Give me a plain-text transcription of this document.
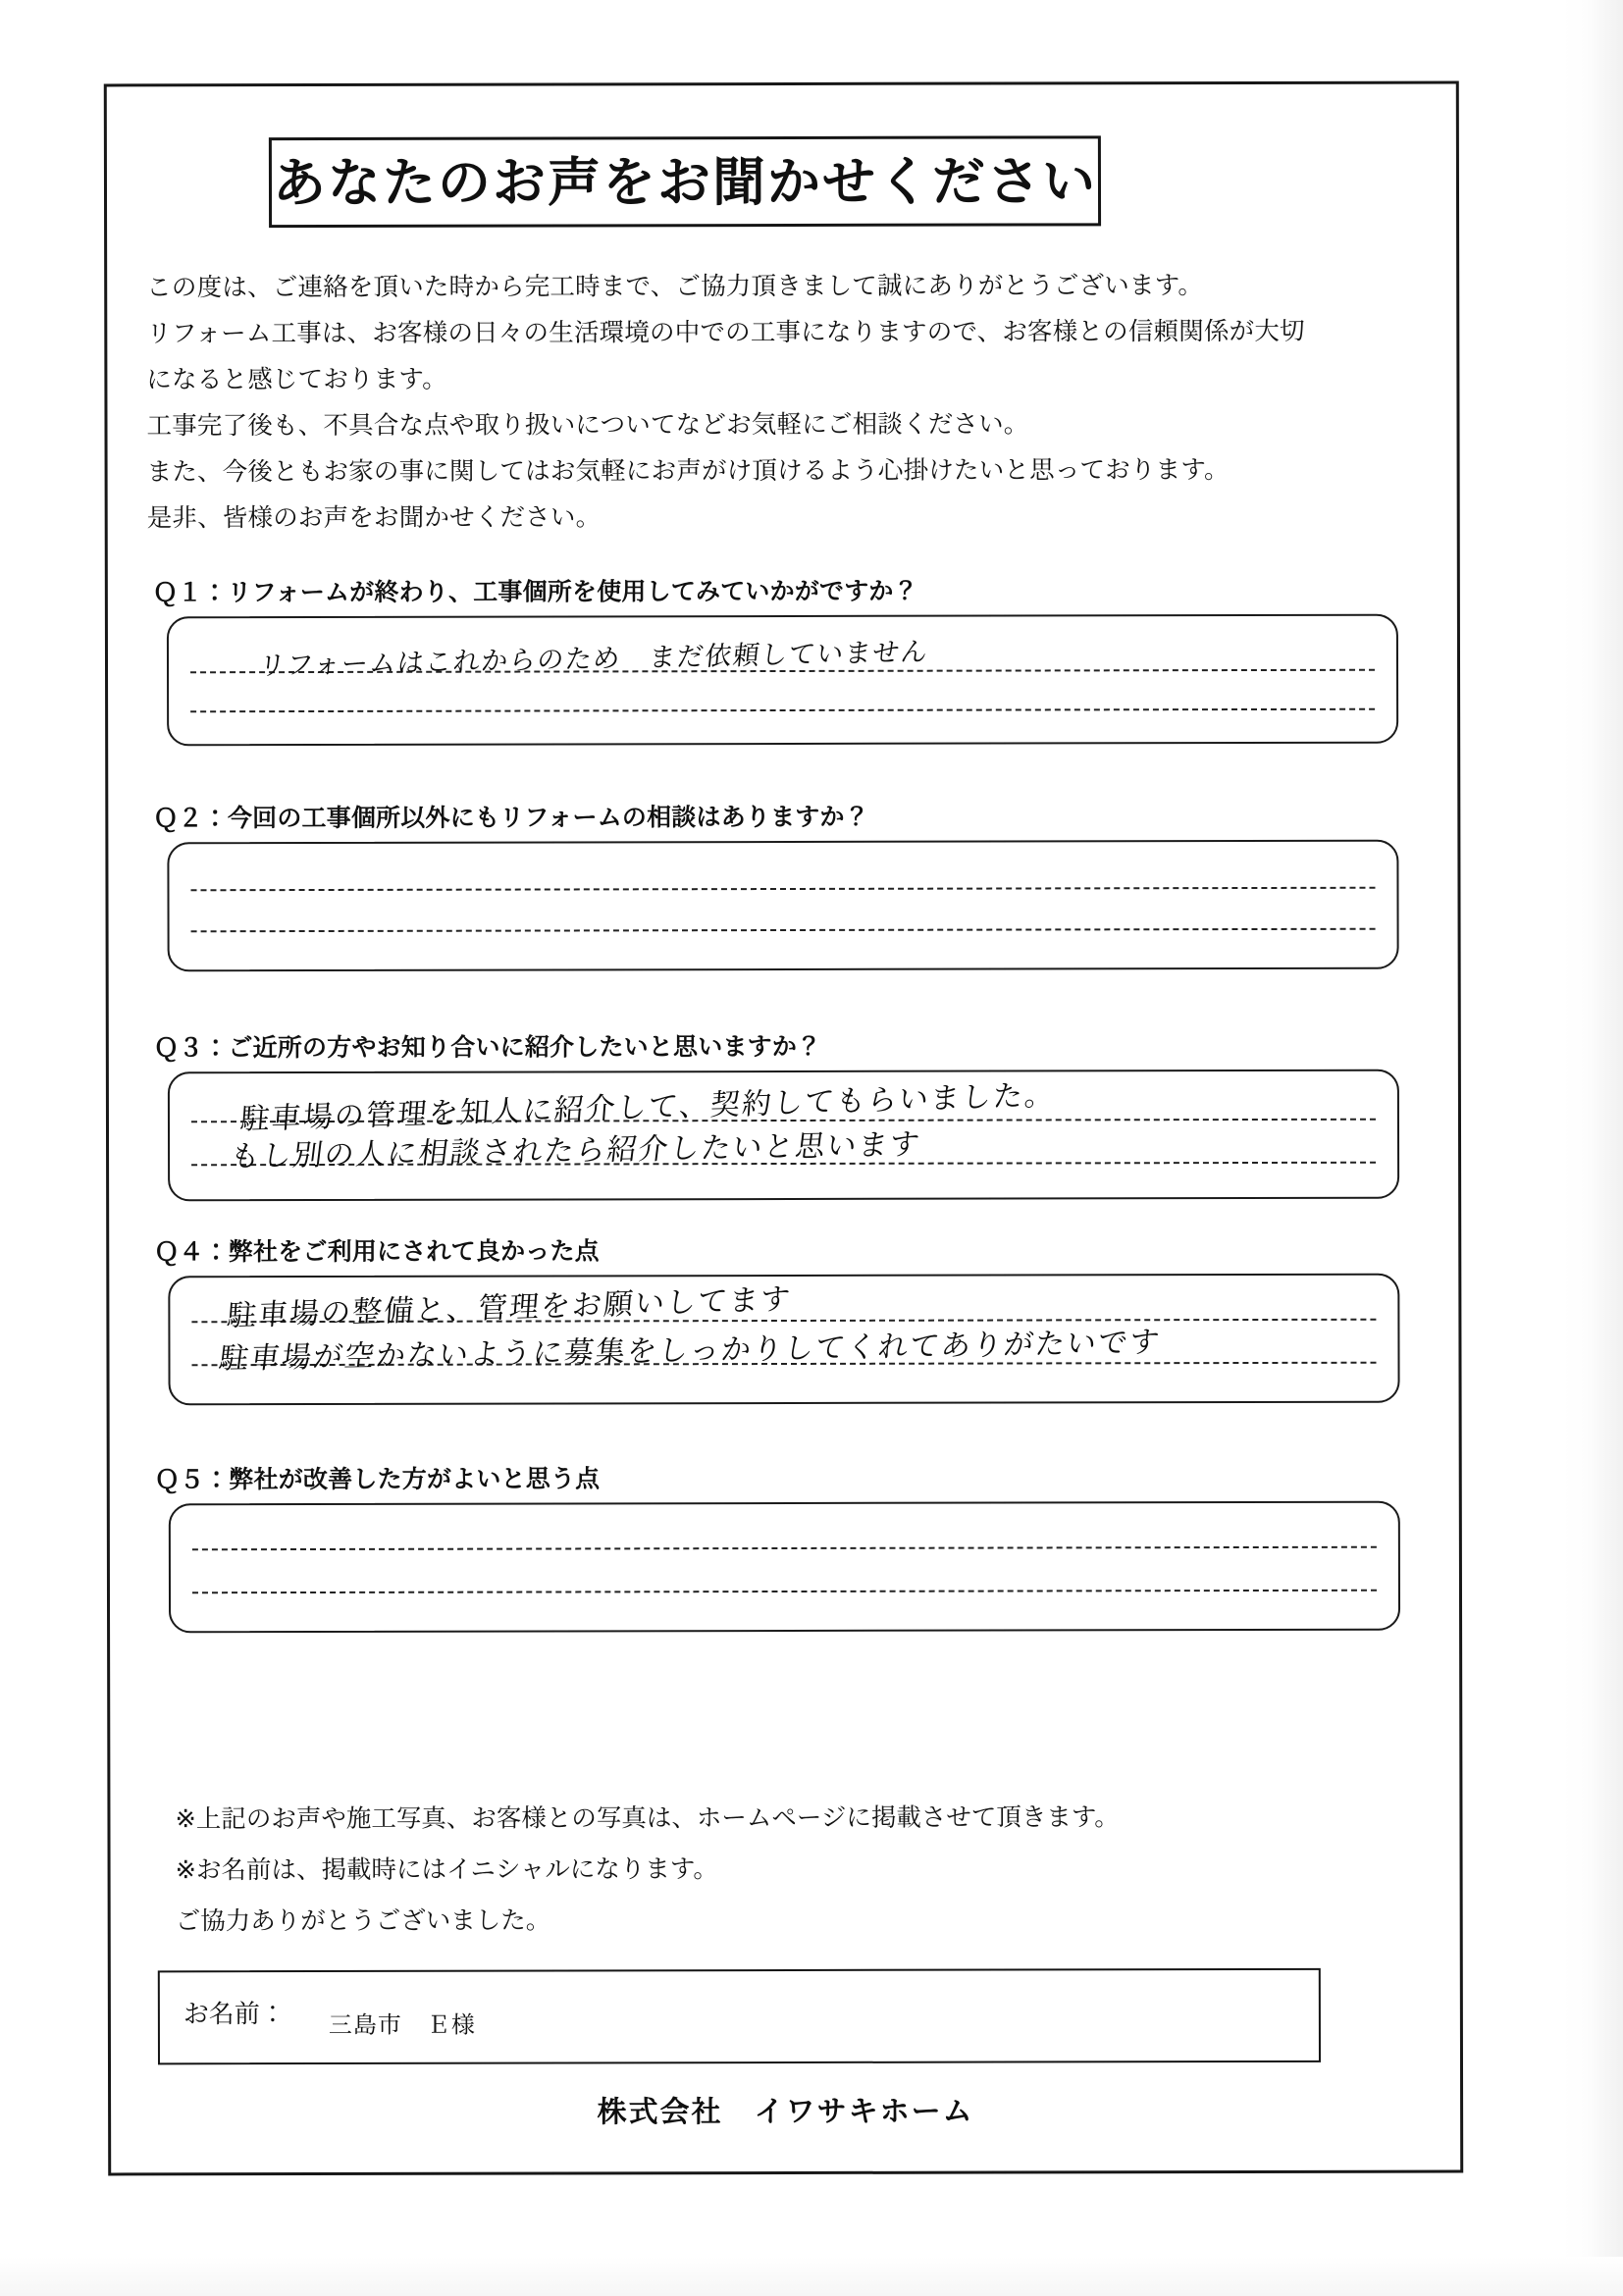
あなたのお声をお聞かせください
この度は、ご連絡を頂いた時から完工時まで、ご協力頂きまして誠にありがとうございます。
リフォーム工事は、お客様の日々の生活環境の中での工事になりますので、お客様との信頼関係が大切
になると感じております。
工事完了後も、不具合な点や取り扱いについてなどお気軽にご相談ください。
また、今後ともお家の事に関してはお気軽にお声がけ頂けるよう心掛けたいと思っております。
是非、皆様のお声をお聞かせください。
Ｑ１：リフォームが終わり、工事個所を使用してみていかがですか？
リフォームはこれからのため　まだ依頼していません
Ｑ２：今回の工事個所以外にもリフォームの相談はありますか？
Ｑ３：ご近所の方やお知り合いに紹介したいと思いますか？
駐車場の管理を知人に紹介して、契約してもらいました。
もし別の人に相談されたら紹介したいと思います
Ｑ４：弊社をご利用にされて良かった点
駐車場の整備と、管理をお願いしてます
駐車場が空かないように募集をしっかりしてくれてありがたいです
Ｑ５：弊社が改善した方がよいと思う点
※上記のお声や施工写真、お客様との写真は、ホームページに掲載させて頂きます。
※お名前は、掲載時にはイニシャルになります。
ご協力ありがとうございました。
お名前： 三島市　Ｅ様
株式会社　イワサキホーム
